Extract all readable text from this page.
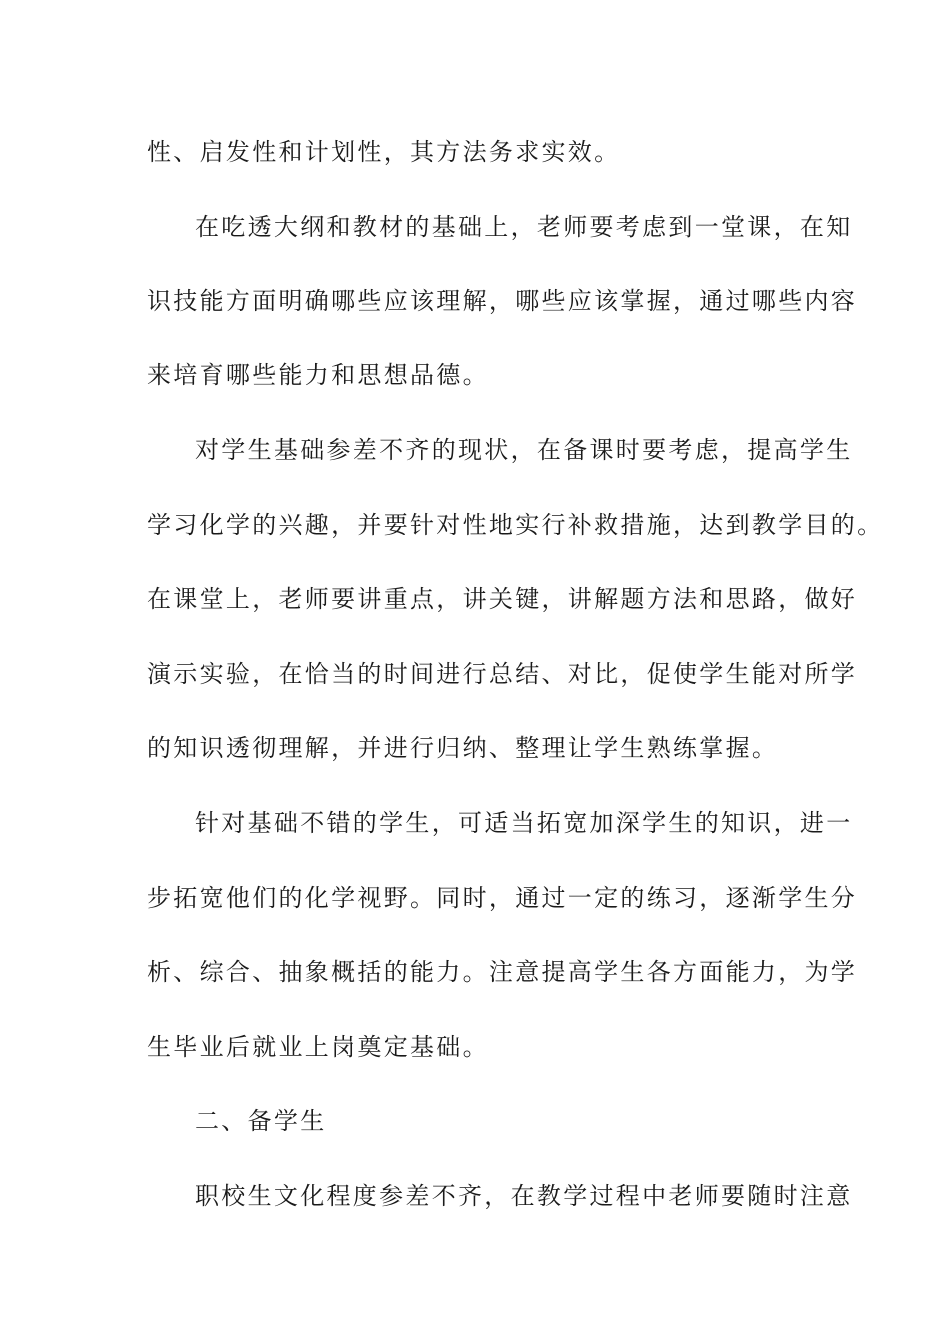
性、启发性和计划性，其方法务求实效。
在吃透大纲和教材的基础上，老师要考虑到一堂课，在知
识技能方面明确哪些应该理解，哪些应该掌握，通过哪些内容
来培育哪些能力和思想品德。
对学生基础参差不齐的现状，在备课时要考虑，提高学生
学习化学的兴趣，并要针对性地实行补救措施，达到教学目的。
在课堂上，老师要讲重点，讲关键，讲解题方法和思路，做好
演示实验，在恰当的时间进行总结、对比，促使学生能对所学
的知识透彻理解，并进行归纳、整理让学生熟练掌握。
针对基础不错的学生，可适当拓宽加深学生的知识，进一
步拓宽他们的化学视野。同时，通过一定的练习，逐渐学生分
析、综合、抽象概括的能力。注意提高学生各方面能力，为学
生毕业后就业上岗奠定基础。
二、备学生
职校生文化程度参差不齐，在教学过程中老师要随时注意
